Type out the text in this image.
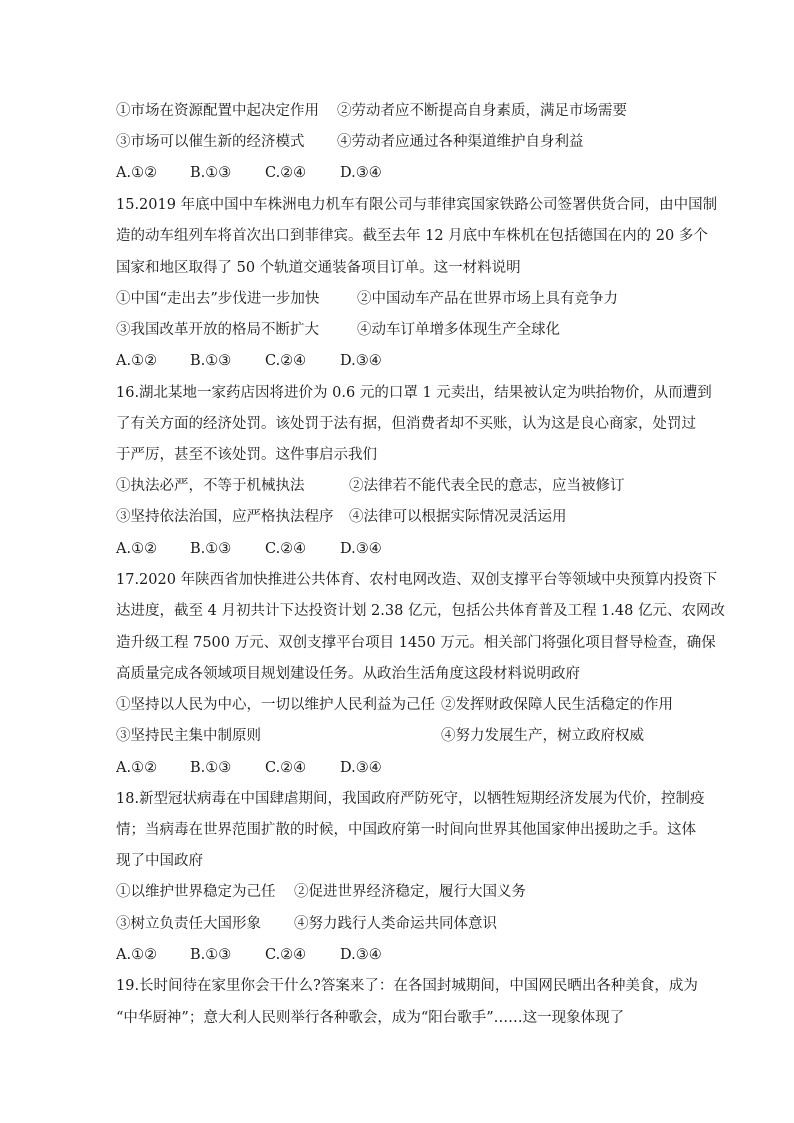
①市场在资源配置中起决定作用 ②劳动者应不断提高自身素质，满足市场需要
③市场可以催生新的经济模式 ④劳动者应通过各种渠道维护自身利益
A.①② B.①③ C.②④ D.③④
15.2019 年底中国中车株洲电力机车有限公司与菲律宾国家铁路公司签署供货合同，由中国制
造的动车组列车将首次出口到菲律宾。截至去年 12 月底中车株机在包括德国在内的 20 多个
国家和地区取得了 50 个轨道交通装备项目订单。这一材料说明
①中国“走出去”步伐进一步加快	②中国动车产品在世界市场上具有竞争力
③我国改革开放的格局不断扩大	④动车订单增多体现生产全球化
A.①② B.①③ C.②④ D.③④
16.湖北某地一家药店因将进价为 0.6 元的口罩 1 元卖出，结果被认定为哄抬物价，从而遭到
了有关方面的经济处罚。该处罚于法有据，但消费者却不买账，认为这是良心商家，处罚过
于严厉，甚至不该处罚。这件事启示我们
①执法必严，不等于机械执法	②法律若不能代表全民的意志，应当被修订
③坚持依法治国，应严格执法程序 ④法律可以根据实际情况灵活运用
A.①② B.①③ C.②④ D.③④
17.2020 年陕西省加快推进公共体育、农村电网改造、双创支撑平台等领域中央预算内投资下
达进度，截至 4 月初共计下达投资计划 2.38 亿元，包括公共体育普及工程 1.48 亿元、农网改
造升级工程 7500 万元、双创支撑平台项目 1450 万元。相关部门将强化项目督导检查，确保
高质量完成各领域项目规划建设任务。从政治生活角度这段材料说明政府
①坚持以人民为中心，一切以维护人民利益为己任 ②发挥财政保障人民生活稳定的作用
③坚持民主集中制原则	④努力发展生产，树立政府权威
A.①② B.①③ C.②④ D.③④
18.新型冠状病毒在中国肆虐期间，我国政府严防死守，以牺牲短期经济发展为代价，控制疫
情；当病毒在世界范围扩散的时候，中国政府第一时间向世界其他国家伸出援助之手。这体
现了中国政府
①以维护世界稳定为己任 ②促进世界经济稳定，履行大国义务
③树立负责任大国形象 ④努力践行人类命运共同体意识
A.①② B.①③ C.②④ D.③④
19.长时间待在家里你会干什么?答案来了：在各国封城期间，中国网民晒出各种美食，成为
“中华厨神”；意大利人民则举行各种歌会，成为“阳台歌手”……这一现象体现了
